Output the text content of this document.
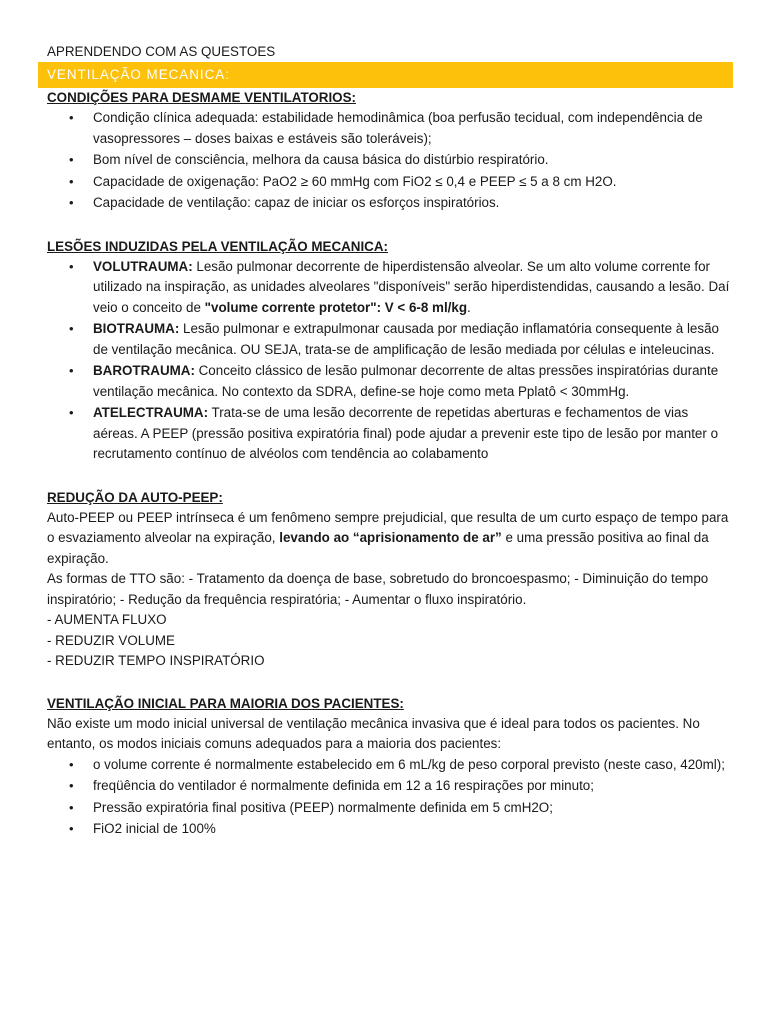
APRENDENDO COM AS QUESTOES
VENTILAÇÃO MECANICA:
CONDIÇÕES PARA DESMAME VENTILATORIOS:
• Condição clínica adequada: estabilidade hemodinâmica (boa perfusão tecidual, com independência de vasopressores – doses baixas e estáveis são toleráveis);
• Bom nível de consciência, melhora da causa básica do distúrbio respiratório.
• Capacidade de oxigenação: PaO2 ≥ 60 mmHg com FiO2 ≤ 0,4 e PEEP ≤ 5 a 8 cm H2O.
• Capacidade de ventilação: capaz de iniciar os esforços inspiratórios.
LESÕES INDUZIDAS PELA VENTILAÇÃO MECANICA:
• VOLUTRAUMA: Lesão pulmonar decorrente de hiperdistensão alveolar. Se um alto volume corrente for utilizado na inspiração, as unidades alveolares "disponíveis" serão hiperdistendidas, causando a lesão. Daí veio o conceito de "volume corrente protetor": V < 6-8 ml/kg.
• BIOTRAUMA: Lesão pulmonar e extrapulmonar causada por mediação inflamatória consequente à lesão de ventilação mecânica. OU SEJA, trata-se de amplificação de lesão mediada por células e inteleucinas.
• BAROTRAUMA: Conceito clássico de lesão pulmonar decorrente de altas pressões inspiratórias durante ventilação mecânica. No contexto da SDRA, define-se hoje como meta Pplatô < 30mmHg.
• ATELECTRAUMA: Trata-se de uma lesão decorrente de repetidas aberturas e fechamentos de vias aéreas. A PEEP (pressão positiva expiratória final) pode ajudar a prevenir este tipo de lesão por manter o recrutamento contínuo de alvéolos com tendência ao colabamento
REDUÇÃO DA AUTO-PEEP:
Auto-PEEP ou PEEP intrínseca é um fenômeno sempre prejudicial, que resulta de um curto espaço de tempo para o esvaziamento alveolar na expiração, levando ao “aprisionamento de ar” e uma pressão positiva ao final da expiração.
As formas de TTO são: - Tratamento da doença de base, sobretudo do broncoespasmo; - Diminuição do tempo inspiratório; - Redução da frequência respiratória; - Aumentar o fluxo inspiratório.
- AUMENTA FLUXO
- REDUZIR VOLUME
- REDUZIR TEMPO INSPIRATÓRIO
VENTILAÇÃO INICIAL PARA MAIORIA DOS PACIENTES:
Não existe um modo inicial universal de ventilação mecânica invasiva que é ideal para todos os pacientes. No entanto, os modos iniciais comuns adequados para a maioria dos pacientes:
• o volume corrente é normalmente estabelecido em 6 mL/kg de peso corporal previsto (neste caso, 420ml);
• freqüência do ventilador é normalmente definida em 12 a 16 respirações por minuto;
• Pressão expiratória final positiva (PEEP) normalmente definida em 5 cmH2O;
• FiO2 inicial de 100%
